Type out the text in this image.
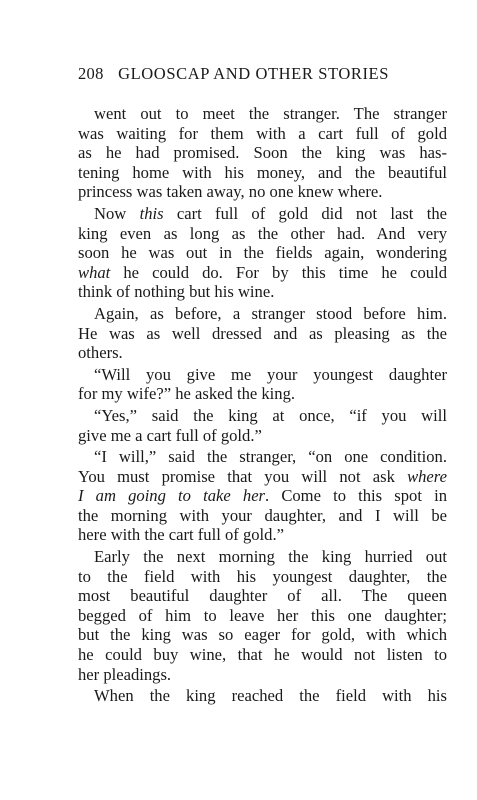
208 GLOOSCAP AND OTHER STORIES
went out to meet the stranger. The stranger
was waiting for them with a cart full of gold
as he had promised. Soon the king was has-
tening home with his money, and the beautiful
princess was taken away, no one knew where.
Now this cart full of gold did not last the
king even as long as the other had. And very
soon he was out in the fields again, wondering
what he could do. For by this time he could
think of nothing but his wine.
Again, as before, a stranger stood before him.
He was as well dressed and as pleasing as the
others.
“Will you give me your youngest daughter
for my wife?” he asked the king.
“Yes,” said the king at once, “if you will
give me a cart full of gold.”
“I will,” said the stranger, “on one condition.
You must promise that you will not ask where
I am going to take her. Come to this spot in
the morning with your daughter, and I will be
here with the cart full of gold.”
Early the next morning the king hurried out
to the field with his youngest daughter, the
most beautiful daughter of all. The queen
begged of him to leave her this one daughter;
but the king was so eager for gold, with which
he could buy wine, that he would not listen to
her pleadings.
When the king reached the field with his
